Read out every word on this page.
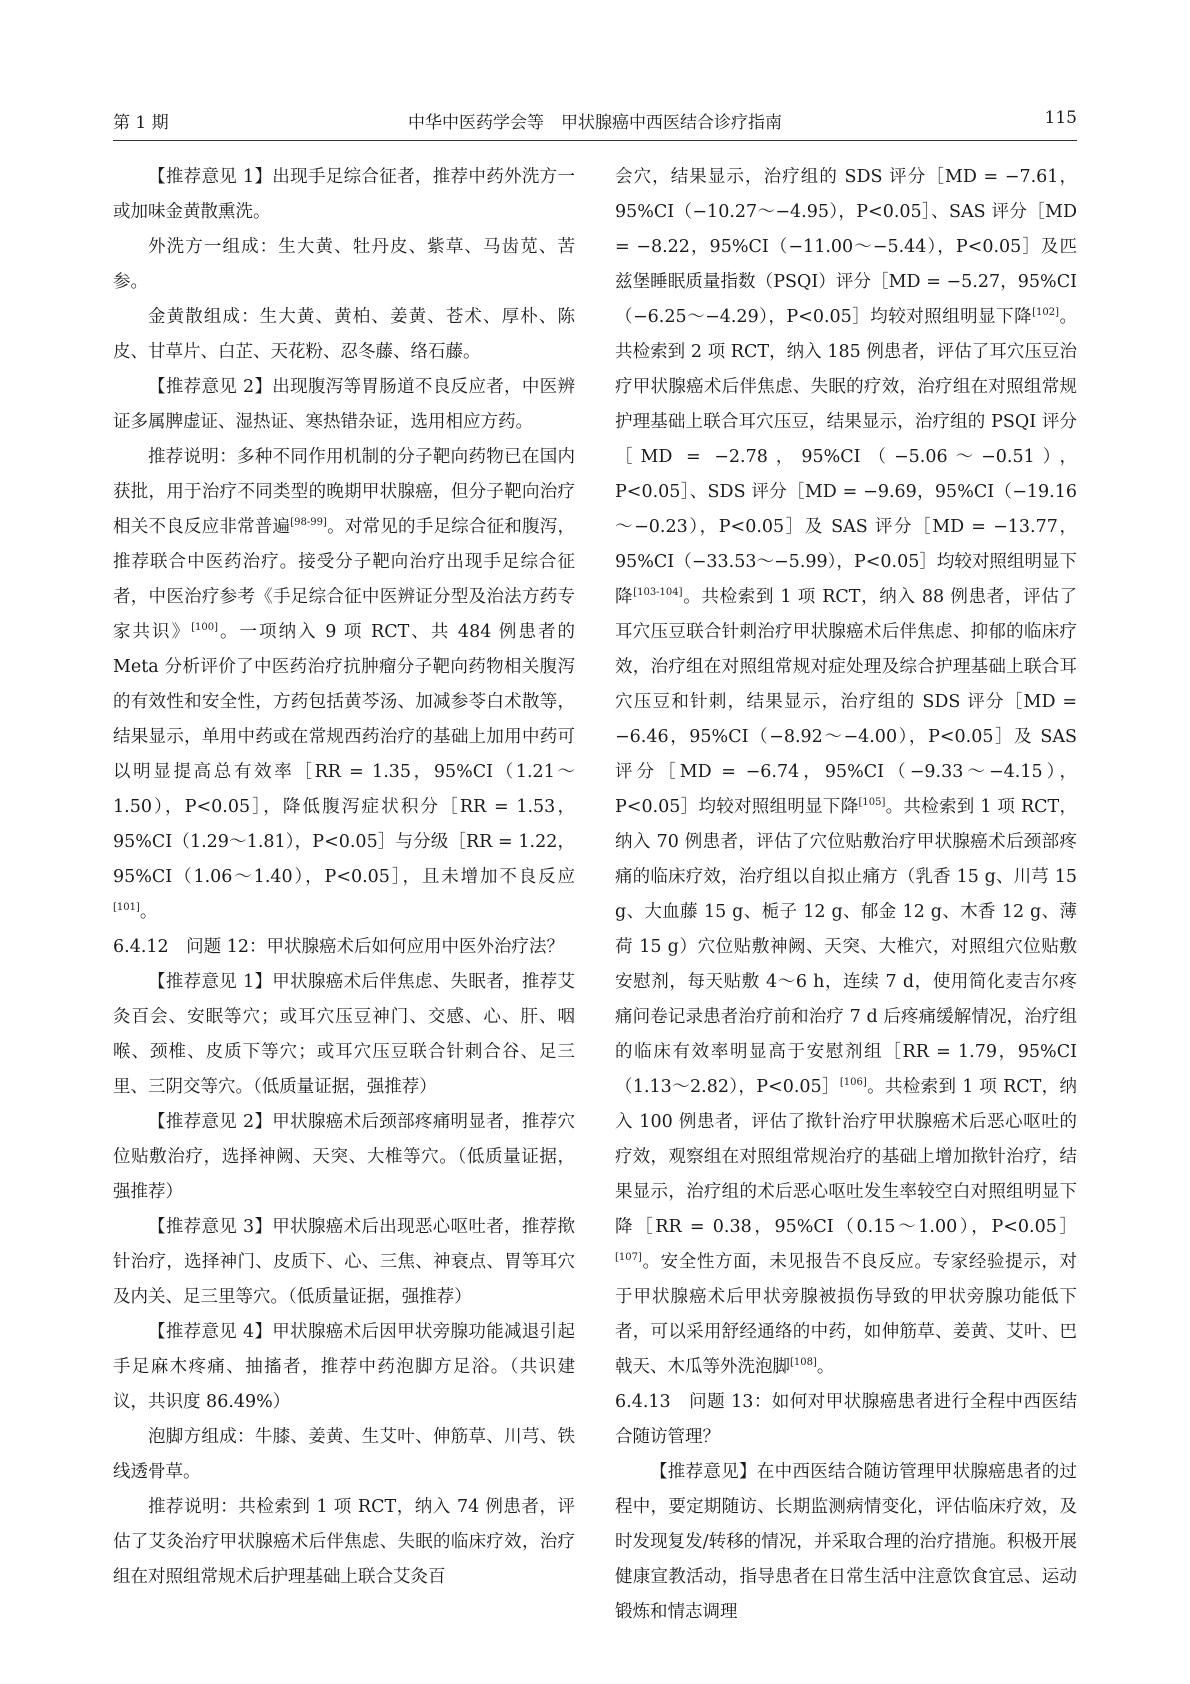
第 1 期	中华中医药学会等　甲状腺癌中西医结合诊疗指南	115

【推荐意见 1】出现手足综合征者，推荐中药外洗方一或加味金黄散熏洗。

外洗方一组成：生大黄、牡丹皮、紫草、马齿苋、苦参。

金黄散组成：生大黄、黄柏、姜黄、苍术、厚朴、陈皮、甘草片、白芷、天花粉、忍冬藤、络石藤。

【推荐意见 2】出现腹泻等胃肠道不良反应者，中医辨证多属脾虚证、湿热证、寒热错杂证，选用相应方药。

推荐说明：多种不同作用机制的分子靶向药物已在国内获批，用于治疗不同类型的晚期甲状腺癌，但分子靶向治疗相关不良反应非常普遍[98-99]。对常见的手足综合征和腹泻，推荐联合中医药治疗。接受分子靶向治疗出现手足综合征者，中医治疗参考《手足综合征中医辨证分型及治法方药专家共识》[100]。一项纳入 9 项 RCT、共 484 例患者的 Meta 分析评价了中医药治疗抗肿瘤分子靶向药物相关腹泻的有效性和安全性，方药包括黄芩汤、加减参苓白术散等，结果显示，单用中药或在常规西药治疗的基础上加用中药可以明显提高总有效率［RR = 1.35，95%CI（1.21～1.50），P<0.05］，降低腹泻症状积分［RR = 1.53，95%CI（1.29～1.81），P<0.05］与分级［RR = 1.22，95%CI（1.06～1.40），P<0.05］，且未增加不良反应[101]。

6.4.12　问题 12：甲状腺癌术后如何应用中医外治疗法？

【推荐意见 1】甲状腺癌术后伴焦虑、失眠者，推荐艾灸百会、安眠等穴；或耳穴压豆神门、交感、心、肝、咽喉、颈椎、皮质下等穴；或耳穴压豆联合针刺合谷、足三里、三阴交等穴。（低质量证据，强推荐）

【推荐意见 2】甲状腺癌术后颈部疼痛明显者，推荐穴位贴敷治疗，选择神阙、天突、大椎等穴。（低质量证据，强推荐）

【推荐意见 3】甲状腺癌术后出现恶心呕吐者，推荐揿针治疗，选择神门、皮质下、心、三焦、神衰点、胃等耳穴及内关、足三里等穴。（低质量证据，强推荐）

【推荐意见 4】甲状腺癌术后因甲状旁腺功能减退引起手足麻木疼痛、抽搐者，推荐中药泡脚方足浴。（共识建议，共识度 86.49%）

泡脚方组成：牛膝、姜黄、生艾叶、伸筋草、川芎、铁线透骨草。

推荐说明：共检索到 1 项 RCT，纳入 74 例患者，评估了艾灸治疗甲状腺癌术后伴焦虑、失眠的临床疗效，治疗组在对照组常规术后护理基础上联合艾灸百

会穴，结果显示，治疗组的 SDS 评分［MD = −7.61，95%CI（−10.27～−4.95），P<0.05］、SAS 评分［MD = −8.22，95%CI（−11.00～−5.44），P<0.05］及匹兹堡睡眠质量指数（PSQI）评分［MD = −5.27，95%CI（−6.25～−4.29），P<0.05］均较对照组明显下降[102]。共检索到 2 项 RCT，纳入 185 例患者，评估了耳穴压豆治疗甲状腺癌术后伴焦虑、失眠的疗效，治疗组在对照组常规护理基础上联合耳穴压豆，结果显示，治疗组的 PSQI 评分［MD = −2.78，95%CI（−5.06～−0.51），P<0.05］、SDS 评分［MD = −9.69，95%CI（−19.16～−0.23），P<0.05］及 SAS 评分［MD = −13.77，95%CI（−33.53～−5.99），P<0.05］均较对照组明显下降[103-104]。共检索到 1 项 RCT，纳入 88 例患者，评估了耳穴压豆联合针刺治疗甲状腺癌术后伴焦虑、抑郁的临床疗效，治疗组在对照组常规对症处理及综合护理基础上联合耳穴压豆和针刺，结果显示，治疗组的 SDS 评分［MD = −6.46，95%CI（−8.92～−4.00），P<0.05］及 SAS 评分［MD = −6.74，95%CI（−9.33～−4.15），P<0.05］均较对照组明显下降[105]。共检索到 1 项 RCT，纳入 70 例患者，评估了穴位贴敷治疗甲状腺癌术后颈部疼痛的临床疗效，治疗组以自拟止痛方（乳香 15 g、川芎 15 g、大血藤 15 g、栀子 12 g、郁金 12 g、木香 12 g、薄荷 15 g）穴位贴敷神阙、天突、大椎穴，对照组穴位贴敷安慰剂，每天贴敷 4～6 h，连续 7 d，使用简化麦吉尔疼痛问卷记录患者治疗前和治疗 7 d 后疼痛缓解情况，治疗组的临床有效率明显高于安慰剂组［RR = 1.79，95%CI（1.13～2.82），P<0.05］[106]。共检索到 1 项 RCT，纳入 100 例患者，评估了揿针治疗甲状腺癌术后恶心呕吐的疗效，观察组在对照组常规治疗的基础上增加揿针治疗，结果显示，治疗组的术后恶心呕吐发生率较空白对照组明显下降［RR = 0.38，95%CI（0.15～1.00），P<0.05］[107]。安全性方面，未见报告不良反应。专家经验提示，对于甲状腺癌术后甲状旁腺被损伤导致的甲状旁腺功能低下者，可以采用舒经通络的中药，如伸筋草、姜黄、艾叶、巴戟天、木瓜等外洗泡脚[108]。

6.4.13　问题 13：如何对甲状腺癌患者进行全程中西医结合随访管理？

【推荐意见】在中西医结合随访管理甲状腺癌患者的过程中，要定期随访、长期监测病情变化，评估临床疗效，及时发现复发/转移的情况，并采取合理的治疗措施。积极开展健康宣教活动，指导患者在日常生活中注意饮食宜忌、运动锻炼和情志调理
